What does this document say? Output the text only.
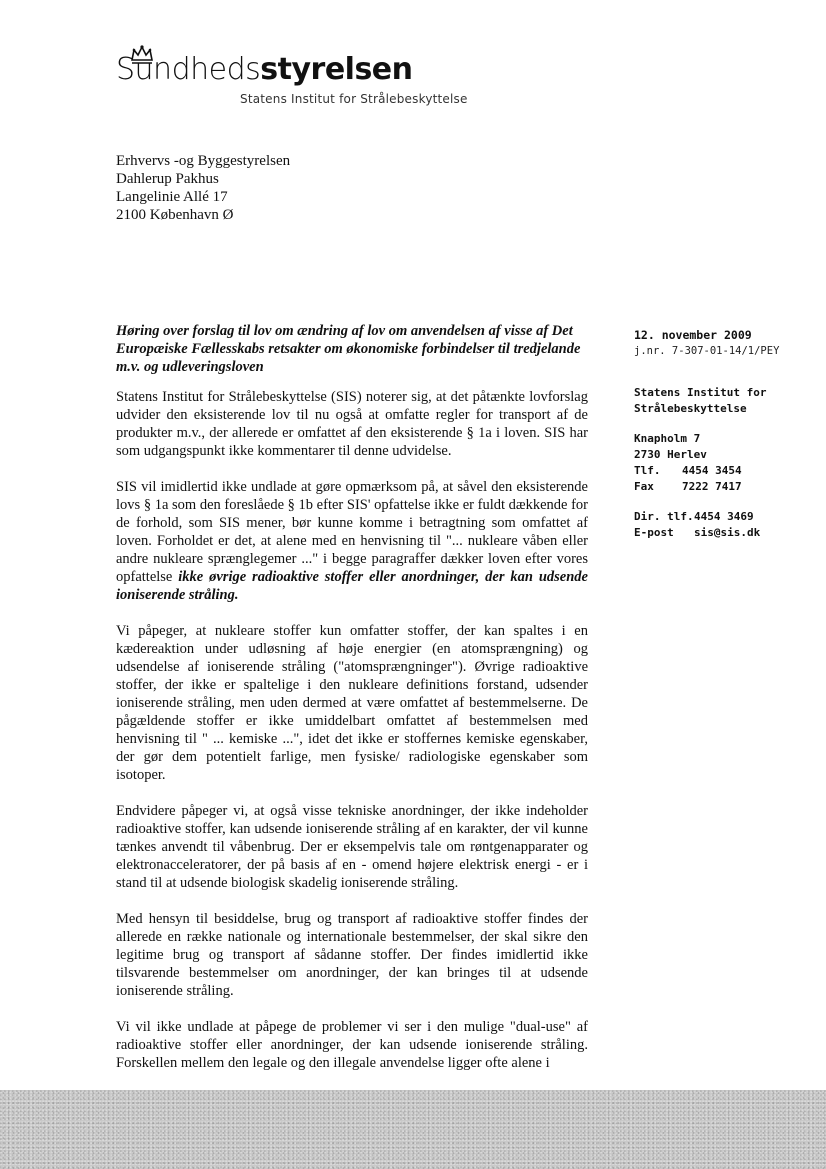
Sundhedsstyrelsen
Statens Institut for Strålebeskyttelse
Erhvervs -og Byggestyrelsen
Dahlerup Pakhus
Langelinie Allé 17
2100 København Ø
Høring over forslag til lov om ændring af lov om anvendelsen af visse af Det Europæiske Fællesskabs retsakter om økonomiske forbindelser til tredjelande m.v. og udleveringsloven
12. november 2009
j.nr. 7-307-01-14/1/PEY
Statens Institut for Strålebeskyttelse
Knapholm 7
2730 Herlev
Tlf. 4454 3454
Fax	7222 7417
Dir. tlf.4454 3469
E-post sis@sis.dk

Statens Institut for Strålebeskyttelse (SIS) noterer sig, at det påtænkte lovforslag udvider den eksisterende lov til nu også at omfatte regler for transport af de produkter m.v., der allerede er omfattet af den eksisterende § 1a i loven. SIS har som udgangspunkt ikke kommentarer til denne udvidelse.

SIS vil imidlertid ikke undlade at gøre opmærksom på, at såvel den eksisterende lovs § 1a som den foreslåede § 1b efter SIS' opfattelse ikke er fuldt dækkende for de forhold, som SIS mener, bør kunne komme i betragtning som omfattet af loven. Forholdet er det, at alene med en henvisning til "... nukleare våben eller andre nukleare sprænglegemer ..." i begge paragraffer dækker loven efter vores opfattelse ikke øvrige radioaktive stoffer eller anordninger, der kan udsende ioniserende stråling.

Vi påpeger, at nukleare stoffer kun omfatter stoffer, der kan spaltes i en kædereaktion under udløsning af høje energier (en atomsprængning) og udsendelse af ioniserende stråling ("atomsprængninger"). Øvrige radioaktive stoffer, der ikke er spaltelige i den nukleare definitions forstand, udsender ioniserende stråling, men uden dermed at være omfattet af bestemmelserne. De pågældende stoffer er ikke umiddelbart omfattet af bestemmelsen med henvisning til " ... kemiske ...", idet det ikke er stoffernes kemiske egenskaber, der gør dem potentielt farlige, men fysiske/ radiologiske egenskaber som isotoper.

Endvidere påpeger vi, at også visse tekniske anordninger, der ikke indeholder radioaktive stoffer, kan udsende ioniserende stråling af en karakter, der vil kunne tænkes anvendt til våbenbrug. Der er eksempelvis tale om røntgenapparater og elektronacceleratorer, der på basis af en - omend højere elektrisk energi - er i stand til at udsende biologisk skadelig ioniserende stråling.

Med hensyn til besiddelse, brug og transport af radioaktive stoffer findes der allerede en række nationale og internationale bestemmelser, der skal sikre den legitime brug og transport af sådanne stoffer. Der findes imidlertid ikke tilsvarende bestemmelser om anordninger, der kan bringes til at udsende ioniserende stråling.

Vi vil ikke undlade at påpege de problemer vi ser i den mulige "dual-use" af radioaktive stoffer eller anordninger, der kan udsende ioniserende stråling. Forskellen mellem den legale og den illegale anvendelse ligger ofte alene i
